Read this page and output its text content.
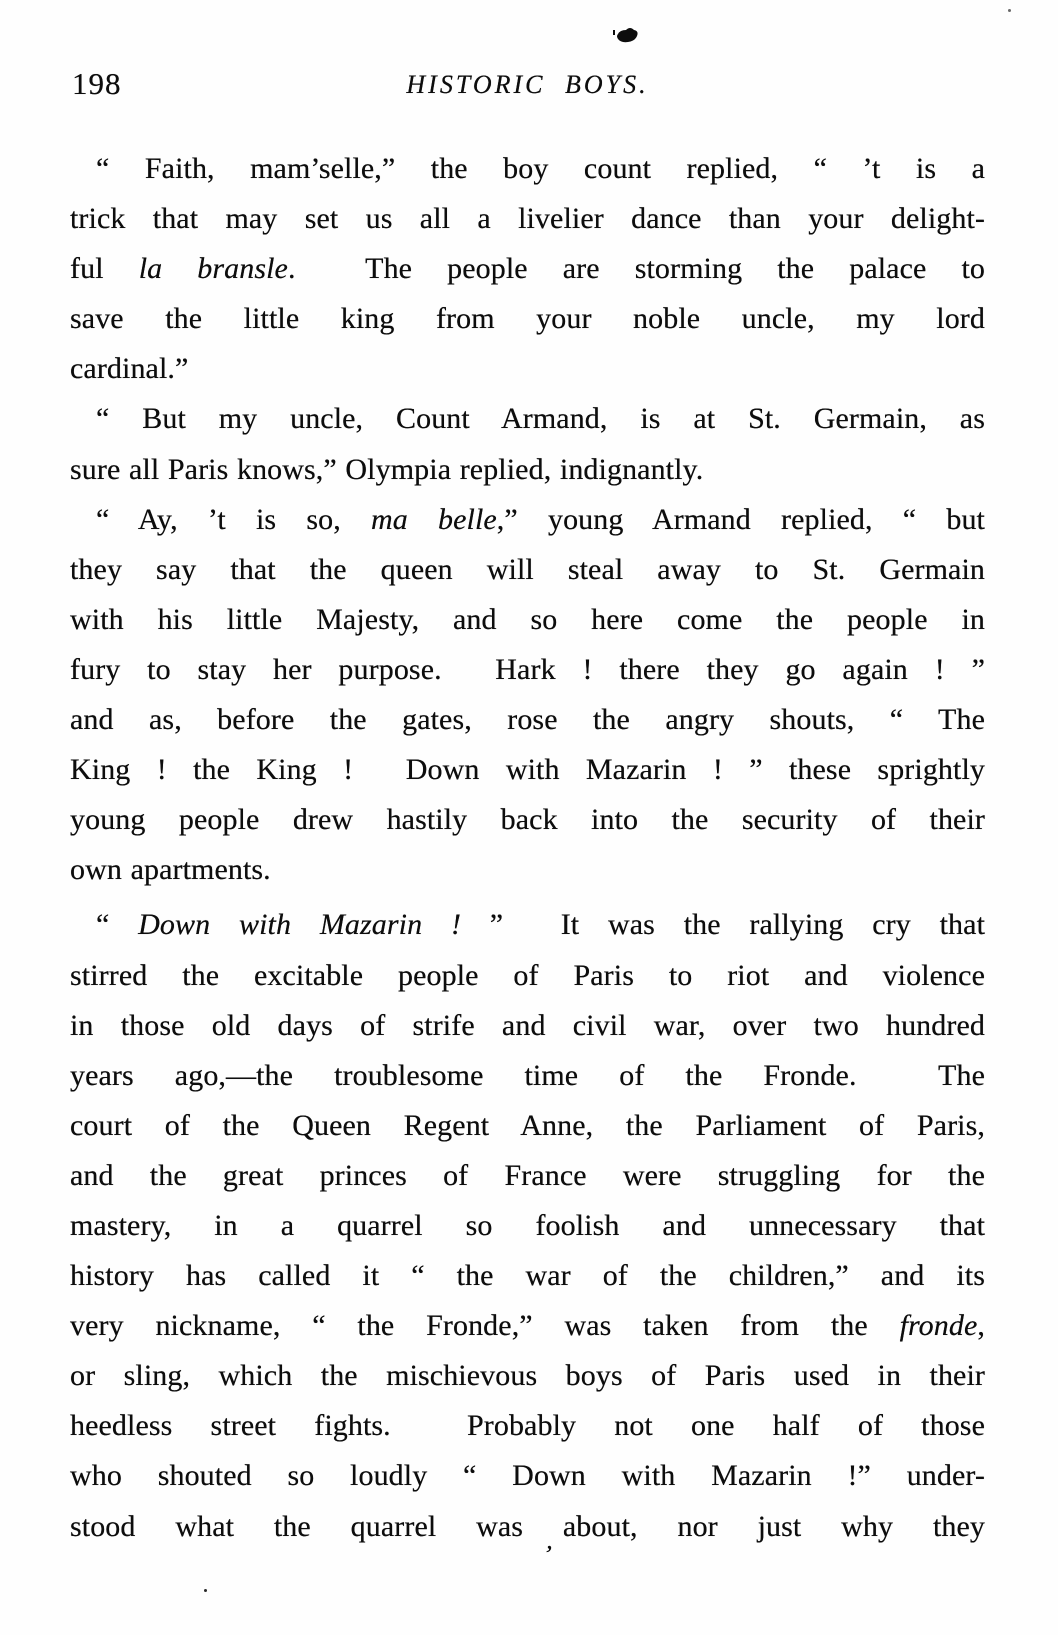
198	HISTORIC BOYS.
“ Faith, mam’selle,” the boy count replied, “ ’t is a
trick that may set us all a livelier dance than your delight-
ful la bransle.  The people are storming the palace to
save the little king from your noble uncle, my lord
cardinal.”
“ But my uncle, Count Armand, is at St. Germain, as
sure all Paris knows,” Olympia replied, indignantly.
“ Ay, ’t is so, ma belle,” young Armand replied, “ but
they say that the queen will steal away to St. Germain
with his little Majesty, and so here come the people in
fury to stay her purpose.  Hark ! there they go again ! ”
and as, before the gates, rose the angry shouts, “ The
King ! the King !  Down with Mazarin ! ” these sprightly
young people drew hastily back into the security of their
own apartments.
“ Down with Mazarin ! ”  It was the rallying cry that
stirred the excitable people of Paris to riot and violence
in those old days of strife and civil war, over two hundred
years ago,—the troublesome time of the Fronde.  The
court of the Queen Regent Anne, the Parliament of Paris,
and the great princes of France were struggling for the
mastery, in a quarrel so foolish and unnecessary that
history has called it “ the war of the children,” and its
very nickname, “ the Fronde,” was taken from the fronde,
or sling, which the mischievous boys of Paris used in their
heedless street fights.  Probably not one half of those
who shouted so loudly “ Down with Mazarin !” under-
stood what the quarrel was about, nor just why they
’
